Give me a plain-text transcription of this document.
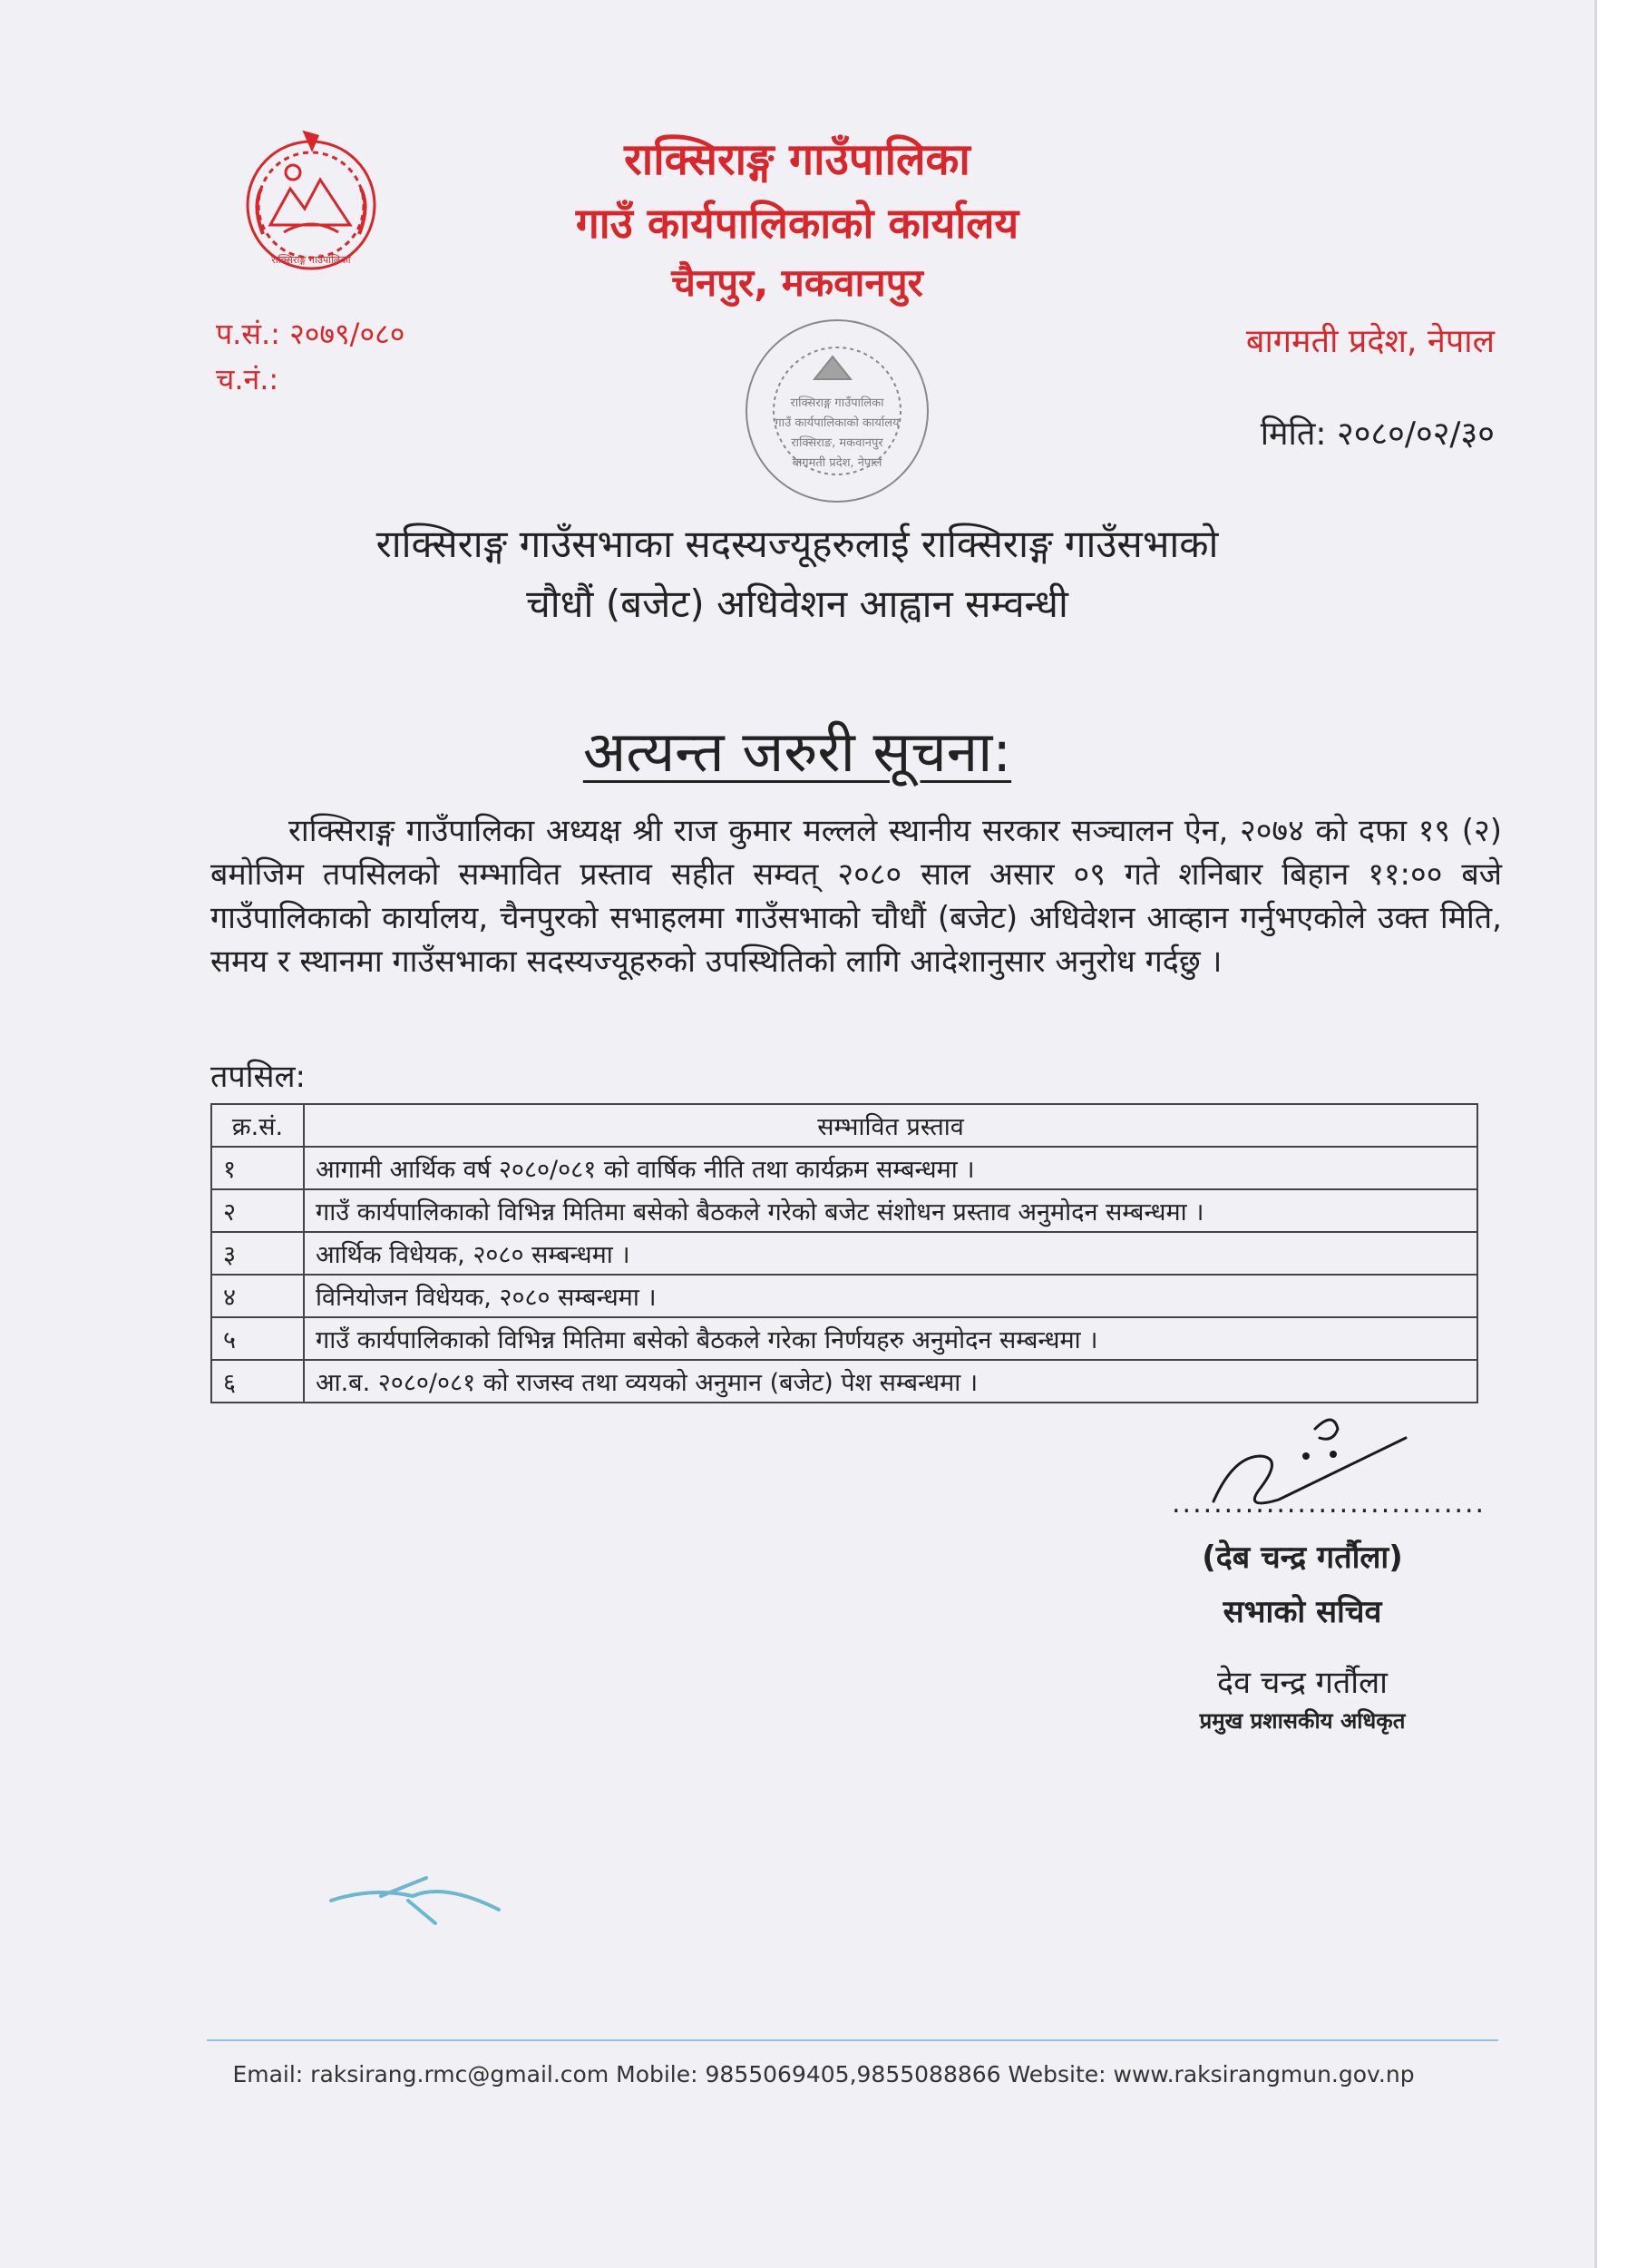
राक्सिराङ्ग गाउँपालिका
राक्सिराङ्ग गाउँपालिका
गाउँ कार्यपालिकाको कार्यालय
चैनपुर, मकवानपुर
प.सं.: २०७९/०८०
च.नं.:
बागमती प्रदेश, नेपाल
मिति: २०८०/०२/३०
राक्सिराङ्ग गाउँपालिका
गाउँ कार्यपालिकाको कार्यालय
राक्सिराङ, मकवानपुर
बागमती प्रदेश, नेपाल
राक्सिराङ्ग गाउँसभाका सदस्यज्यूहरुलाई राक्सिराङ्ग गाउँसभाको
चौधौं (बजेट) अधिवेशन आह्वान सम्वन्धी
अत्यन्त जरुरी सूचना:
राक्सिराङ्ग गाउँपालिका अध्यक्ष श्री राज कुमार मल्लले स्थानीय सरकार सञ्चालन ऐन, २०७४ को दफा १९ (२) बमोजिम तपसिलको सम्भावित प्रस्ताव सहीत सम्वत् २०८० साल असार ०९ गते शनिबार बिहान ११:०० बजे गाउँपालिकाको कार्यालय, चैनपुरको सभाहलमा गाउँसभाको चौधौं (बजेट) अधिवेशन आव्हान गर्नुभएकोले उक्त मिति, समय र स्थानमा गाउँसभाका सदस्यज्यूहरुको उपस्थितिको लागि आदेशानुसार अनुरोध गर्दछु ।
तपसिल:
क्र.सं.	सम्भावित प्रस्ताव
१	आगामी आर्थिक वर्ष २०८०/०८१ को वार्षिक नीति तथा कार्यक्रम सम्बन्धमा ।
२	गाउँ कार्यपालिकाको विभिन्न मितिमा बसेको बैठकले गरेको बजेट संशोधन प्रस्ताव अनुमोदन सम्बन्धमा ।
३	आर्थिक विधेयक, २०८० सम्बन्धमा ।
४	विनियोजन विधेयक, २०८० सम्बन्धमा ।
५	गाउँ कार्यपालिकाको विभिन्न मितिमा बसेको बैठकले गरेका निर्णयहरु अनुमोदन सम्बन्धमा ।
६	आ.ब. २०८०/०८१ को राजस्व तथा व्ययको अनुमान (बजेट) पेश सम्बन्धमा ।
..............................
(देब चन्द्र गर्तौला)
सभाको सचिव
देव चन्द्र गर्तौला
प्रमुख प्रशासकीय अधिकृत
Email: raksirang.rmc@gmail.com Mobile: 9855069405,9855088866 Website: www.raksirangmun.gov.np
